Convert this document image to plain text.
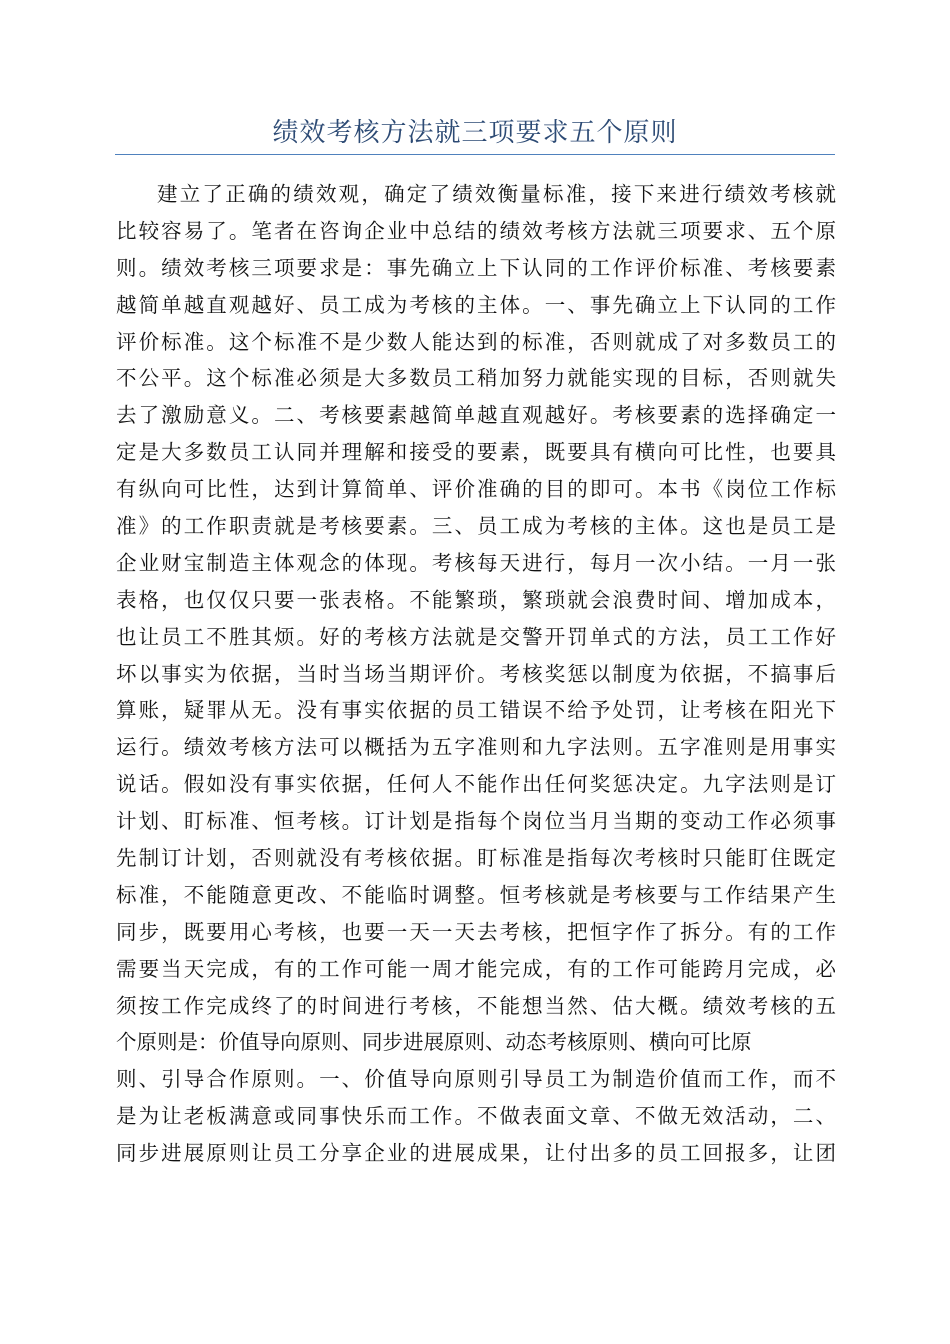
绩效考核方法就三项要求五个原则
建立了正确的绩效观，确定了绩效衡量标准，接下来进行绩效考核就
比较容易了。笔者在咨询企业中总结的绩效考核方法就三项要求、五个原
则。绩效考核三项要求是：事先确立上下认同的工作评价标准、考核要素
越简单越直观越好、员工成为考核的主体。一、事先确立上下认同的工作
评价标准。这个标准不是少数人能达到的标准，否则就成了对多数员工的
不公平。这个标准必须是大多数员工稍加努力就能实现的目标，否则就失
去了激励意义。二、考核要素越简单越直观越好。考核要素的选择确定一
定是大多数员工认同并理解和接受的要素，既要具有横向可比性，也要具
有纵向可比性，达到计算简单、评价准确的目的即可。本书《岗位工作标
准》的工作职责就是考核要素。三、员工成为考核的主体。这也是员工是
企业财宝制造主体观念的体现。考核每天进行，每月一次小结。一月一张
表格，也仅仅只要一张表格。不能繁琐，繁琐就会浪费时间、增加成本，
也让员工不胜其烦。好的考核方法就是交警开罚单式的方法，员工工作好
坏以事实为依据，当时当场当期评价。考核奖惩以制度为依据，不搞事后
算账，疑罪从无。没有事实依据的员工错误不给予处罚，让考核在阳光下
运行。绩效考核方法可以概括为五字准则和九字法则。五字准则是用事实
说话。假如没有事实依据，任何人不能作出任何奖惩决定。九字法则是订
计划、盯标准、恒考核。订计划是指每个岗位当月当期的变动工作必须事
先制订计划，否则就没有考核依据。盯标准是指每次考核时只能盯住既定
标准，不能随意更改、不能临时调整。恒考核就是考核要与工作结果产生
同步，既要用心考核，也要一天一天去考核，把恒字作了拆分。有的工作
需要当天完成，有的工作可能一周才能完成，有的工作可能跨月完成，必
须按工作完成终了的时间进行考核，不能想当然、估大概。绩效考核的五
个原则是：价值导向原则、同步进展原则、动态考核原则、横向可比原
则、引导合作原则。一、价值导向原则引导员工为制造价值而工作，而不
是为让老板满意或同事快乐而工作。不做表面文章、不做无效活动，二、
同步进展原则让员工分享企业的进展成果，让付出多的员工回报多，让团
